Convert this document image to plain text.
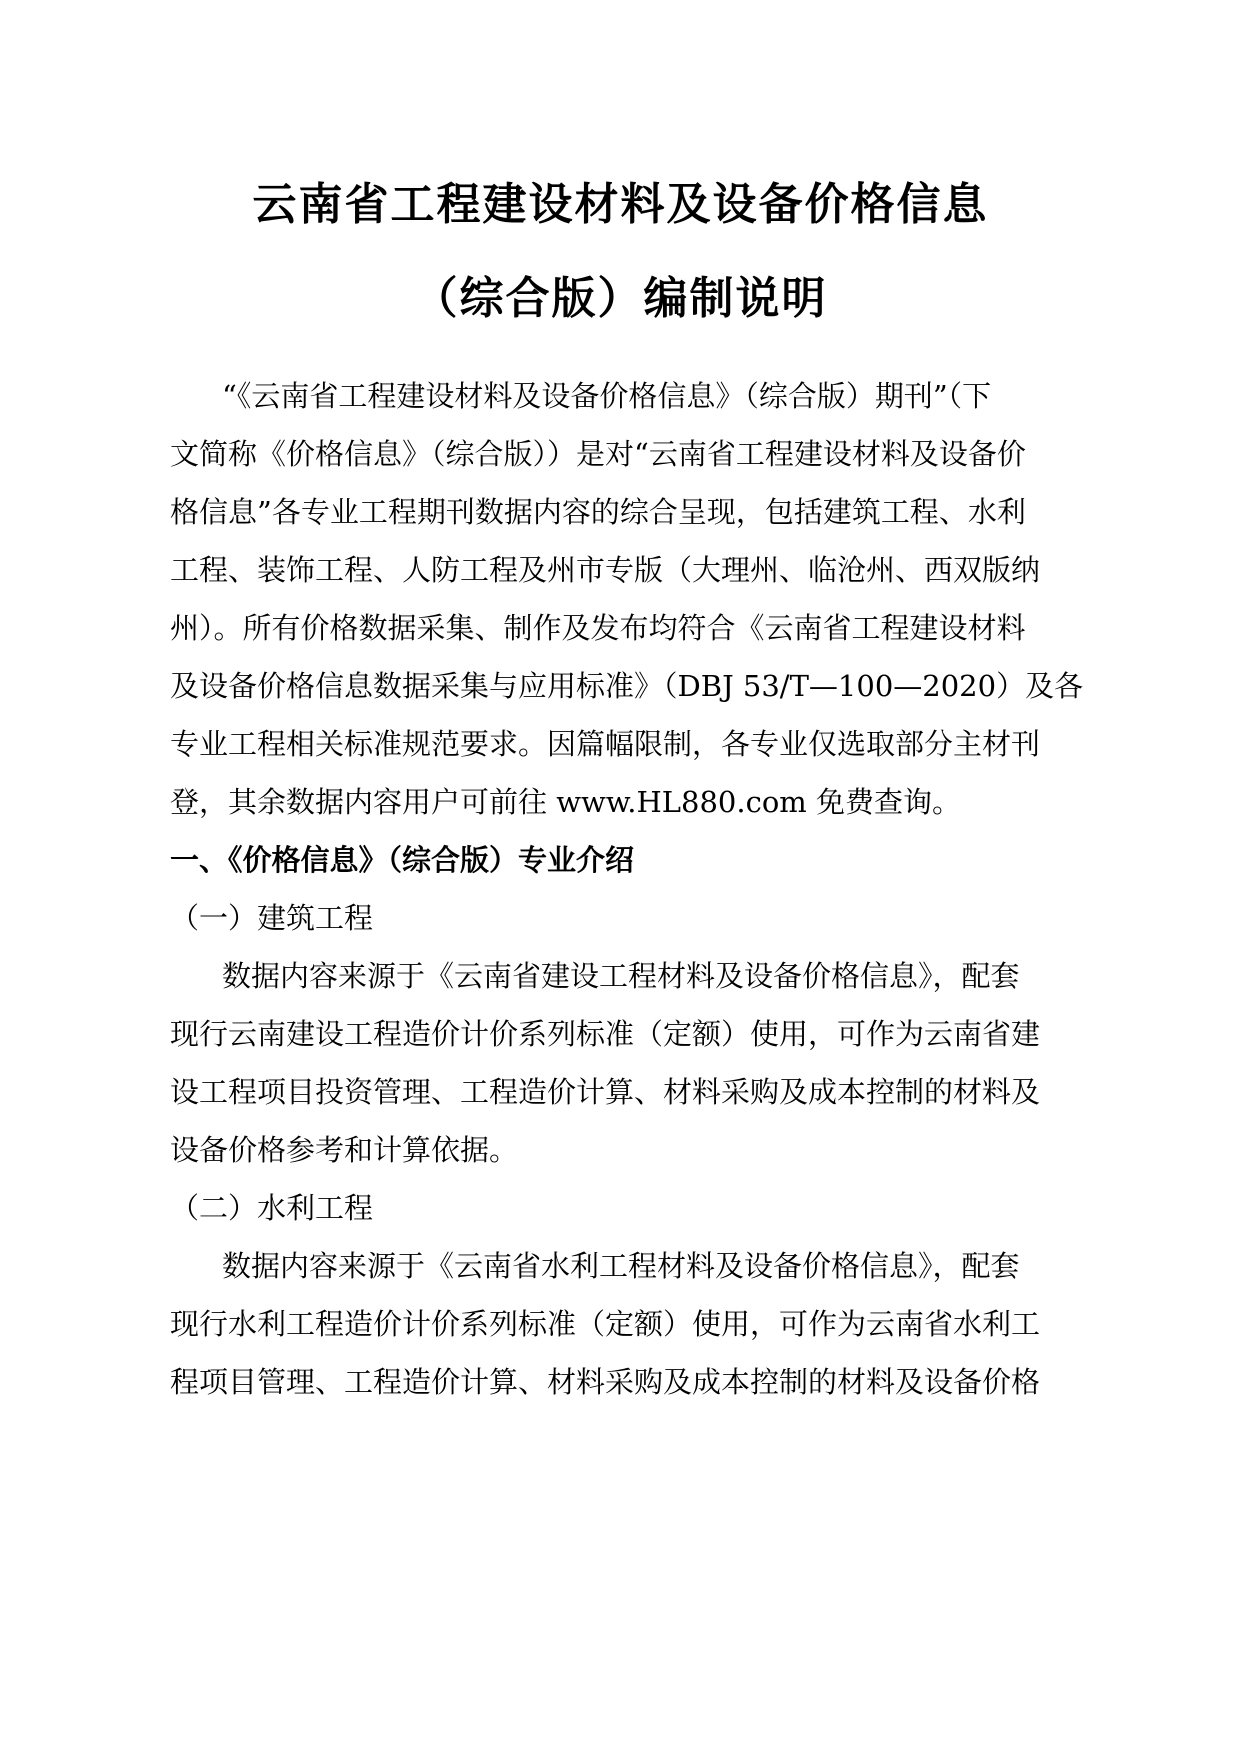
云南省工程建设材料及设备价格信息
（综合版）编制说明
“《云南省工程建设材料及设备价格信息》（综合版）期刊”（下
文简称《价格信息》（综合版））是对“云南省工程建设材料及设备价
格信息”各专业工程期刊数据内容的综合呈现，包括建筑工程、水利
工程、装饰工程、人防工程及州市专版（大理州、临沧州、西双版纳
州）。所有价格数据采集、制作及发布均符合《云南省工程建设材料
及设备价格信息数据采集与应用标准》（DBJ 53/T—100—2020）及各
专业工程相关标准规范要求。因篇幅限制，各专业仅选取部分主材刊
登，其余数据内容用户可前往 www.HL880.com 免费查询。
一、《价格信息》（综合版）专业介绍
（一）建筑工程
数据内容来源于《云南省建设工程材料及设备价格信息》，配套
现行云南建设工程造价计价系列标准（定额）使用，可作为云南省建
设工程项目投资管理、工程造价计算、材料采购及成本控制的材料及
设备价格参考和计算依据。
（二）水利工程
数据内容来源于《云南省水利工程材料及设备价格信息》，配套
现行水利工程造价计价系列标准（定额）使用，可作为云南省水利工
程项目管理、工程造价计算、材料采购及成本控制的材料及设备价格
